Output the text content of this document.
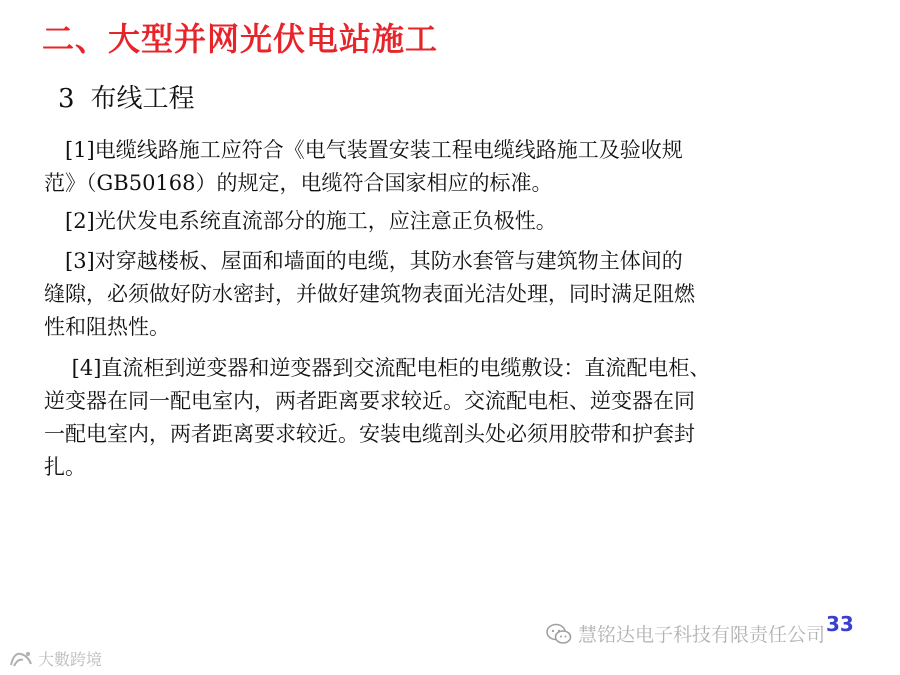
二、大型并网光伏电站施工
3 布线工程

　[1]电缆线路施工应符合《电气装置安装工程电缆线路施工及验收规
范》（GB50168）的规定，电缆符合国家相应的标准。

　[2]光伏发电系统直流部分的施工，应注意正负极性。

　[3]对穿越楼板、屋面和墙面的电缆，其防水套管与建筑物主体间的
缝隙，必须做好防水密封，并做好建筑物表面光洁处理，同时满足阻燃
性和阻热性。

　 [4]直流柜到逆变器和逆变器到交流配电柜的电缆敷设：直流配电柜、
逆变器在同一配电室内，两者距离要求较近。交流配电柜、逆变器在同
一配电室内，两者距离要求较近。安装电缆剖头处必须用胶带和护套封
扎。

33
慧铭达电子科技有限责任公司
大數跨境
